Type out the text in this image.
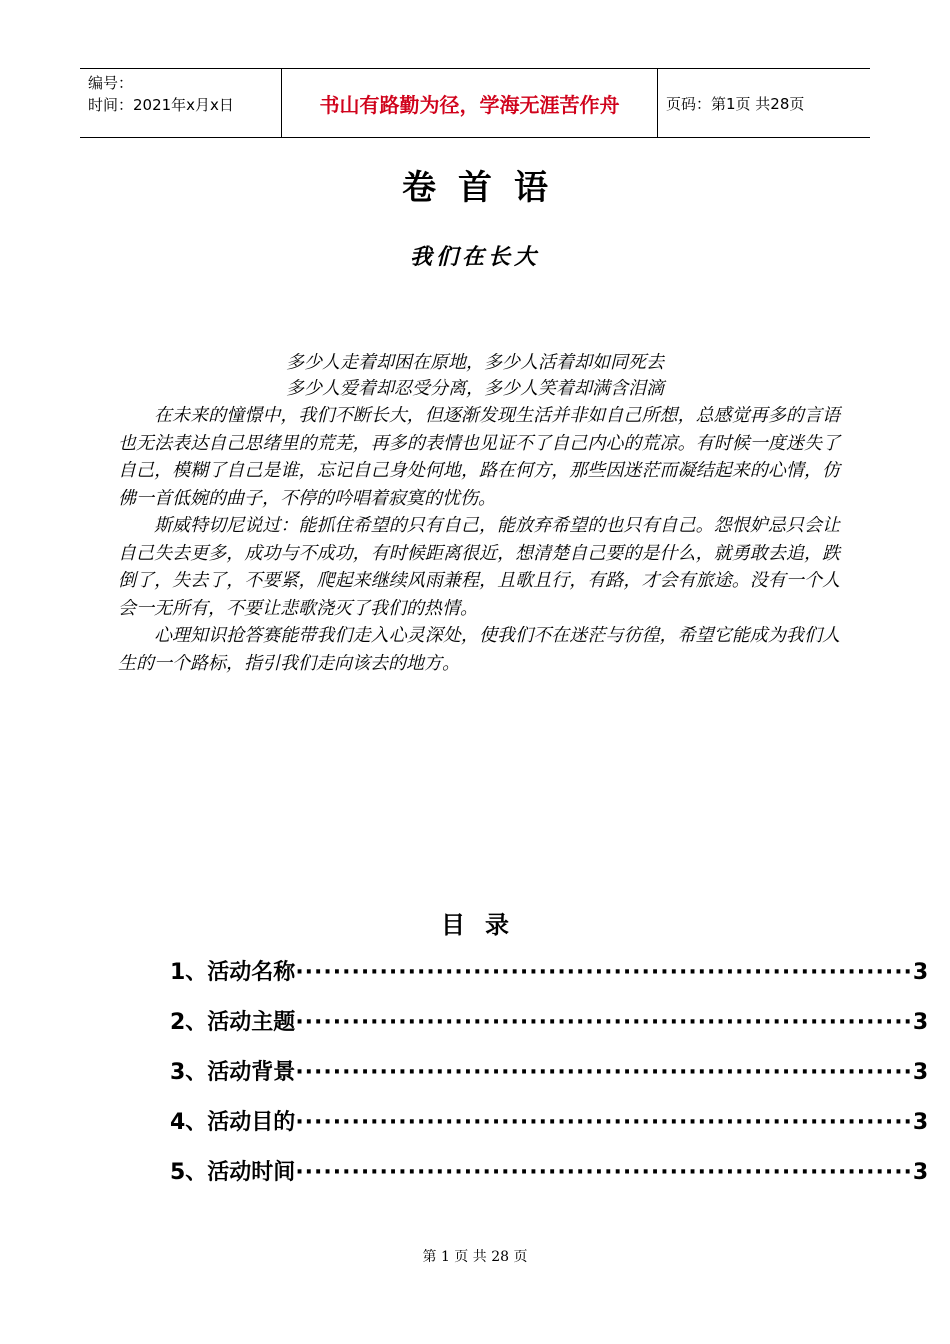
编号：
时间：2021年x月x日	书山有路勤为径，学海无涯苦作舟	页码：第1页 共28页
卷首语
我们在长大
多少人走着却困在原地，多少人活着却如同死去
多少人爱着却忍受分离，多少人笑着却满含泪滴

在未来的憧憬中，我们不断长大，但逐渐发现生活并非如自己所想，总感觉再多的言语也无法表达自己思绪里的荒芜，再多的表情也见证不了自己内心的荒凉。有时候一度迷失了自己，模糊了自己是谁，忘记自己身处何地，路在何方，那些因迷茫而凝结起来的心情，仿佛一首低婉的曲子，不停的吟唱着寂寞的忧伤。

斯威特切尼说过：能抓住希望的只有自己，能放弃希望的也只有自己。怨恨妒忌只会让自己失去更多，成功与不成功，有时候距离很近，想清楚自己要的是什么，就勇敢去追，跌倒了，失去了，不要紧，爬起来继续风雨兼程，且歌且行，有路，才会有旅途。没有一个人会一无所有，不要让悲歌浇灭了我们的热情。

心理知识抢答赛能带我们走入心灵深处，使我们不在迷茫与彷徨，希望它能成为我们人生的一个路标，指引我们走向该去的地方。

目录
1、活动名称 ·································································· 3
2、活动主题 ·································································· 3
3、活动背景 ·································································· 3
4、活动目的 ·································································· 3
5、活动时间 ·································································· 3
第 1 页 共 28 页
